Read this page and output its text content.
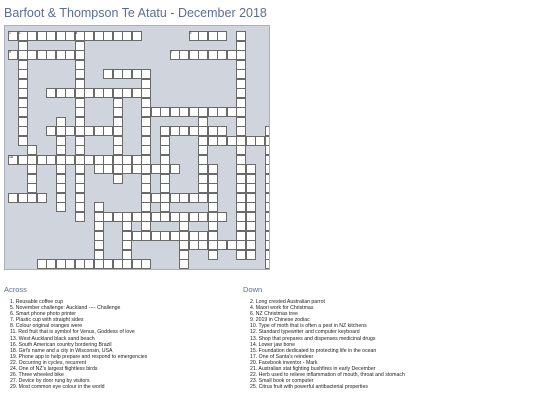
Barfoot & Thompson Te Atatu - December 2018
1 2	4	3
5	7
18
Across
1. Reusable coffee cup
5. November challenge: Auckland ---- Challenge
6. Smart phone photo printer
7. Plastic cup with straight sides
8. Colour original oranges were
11. Red fruit that is symbol for Venus, Goddess of love
13. West Auckland black sand beach
16. South American country bordering Brazil
18. Girl's name and a city in Wisconsin, USA
19. Phone app to help prepare and respond to emergencies
22. Occurring in cycles, recurrent
24. One of NZ's largest flightless birds
26. Three wheeled bike
27. Device by door rung by visitors
29. Most common eye colour in the world
Down
2. Long crested Australian parrot
4. Maori work for Christmas
6. NZ Christmas tree
9. 2019 in Chinese zodiac
10. Type of moth that is often a pest in NZ kitchens
12. Standard typewriter and computer keyboard
13. Shop that prepares and dispenses medicinal drugs
14. Lower jaw bone
15. Foundation dedicated to protecting life in the ocean
17. One of Santa's reindeer
20. Facebook inventor - Mark
21. Australian stat fighting bushfires in early December
22. Herb used to relieve inflammation of mouth, throat and stomach
23. Small book or computer
25. Citrus fruit with powerful antibacterial properties
